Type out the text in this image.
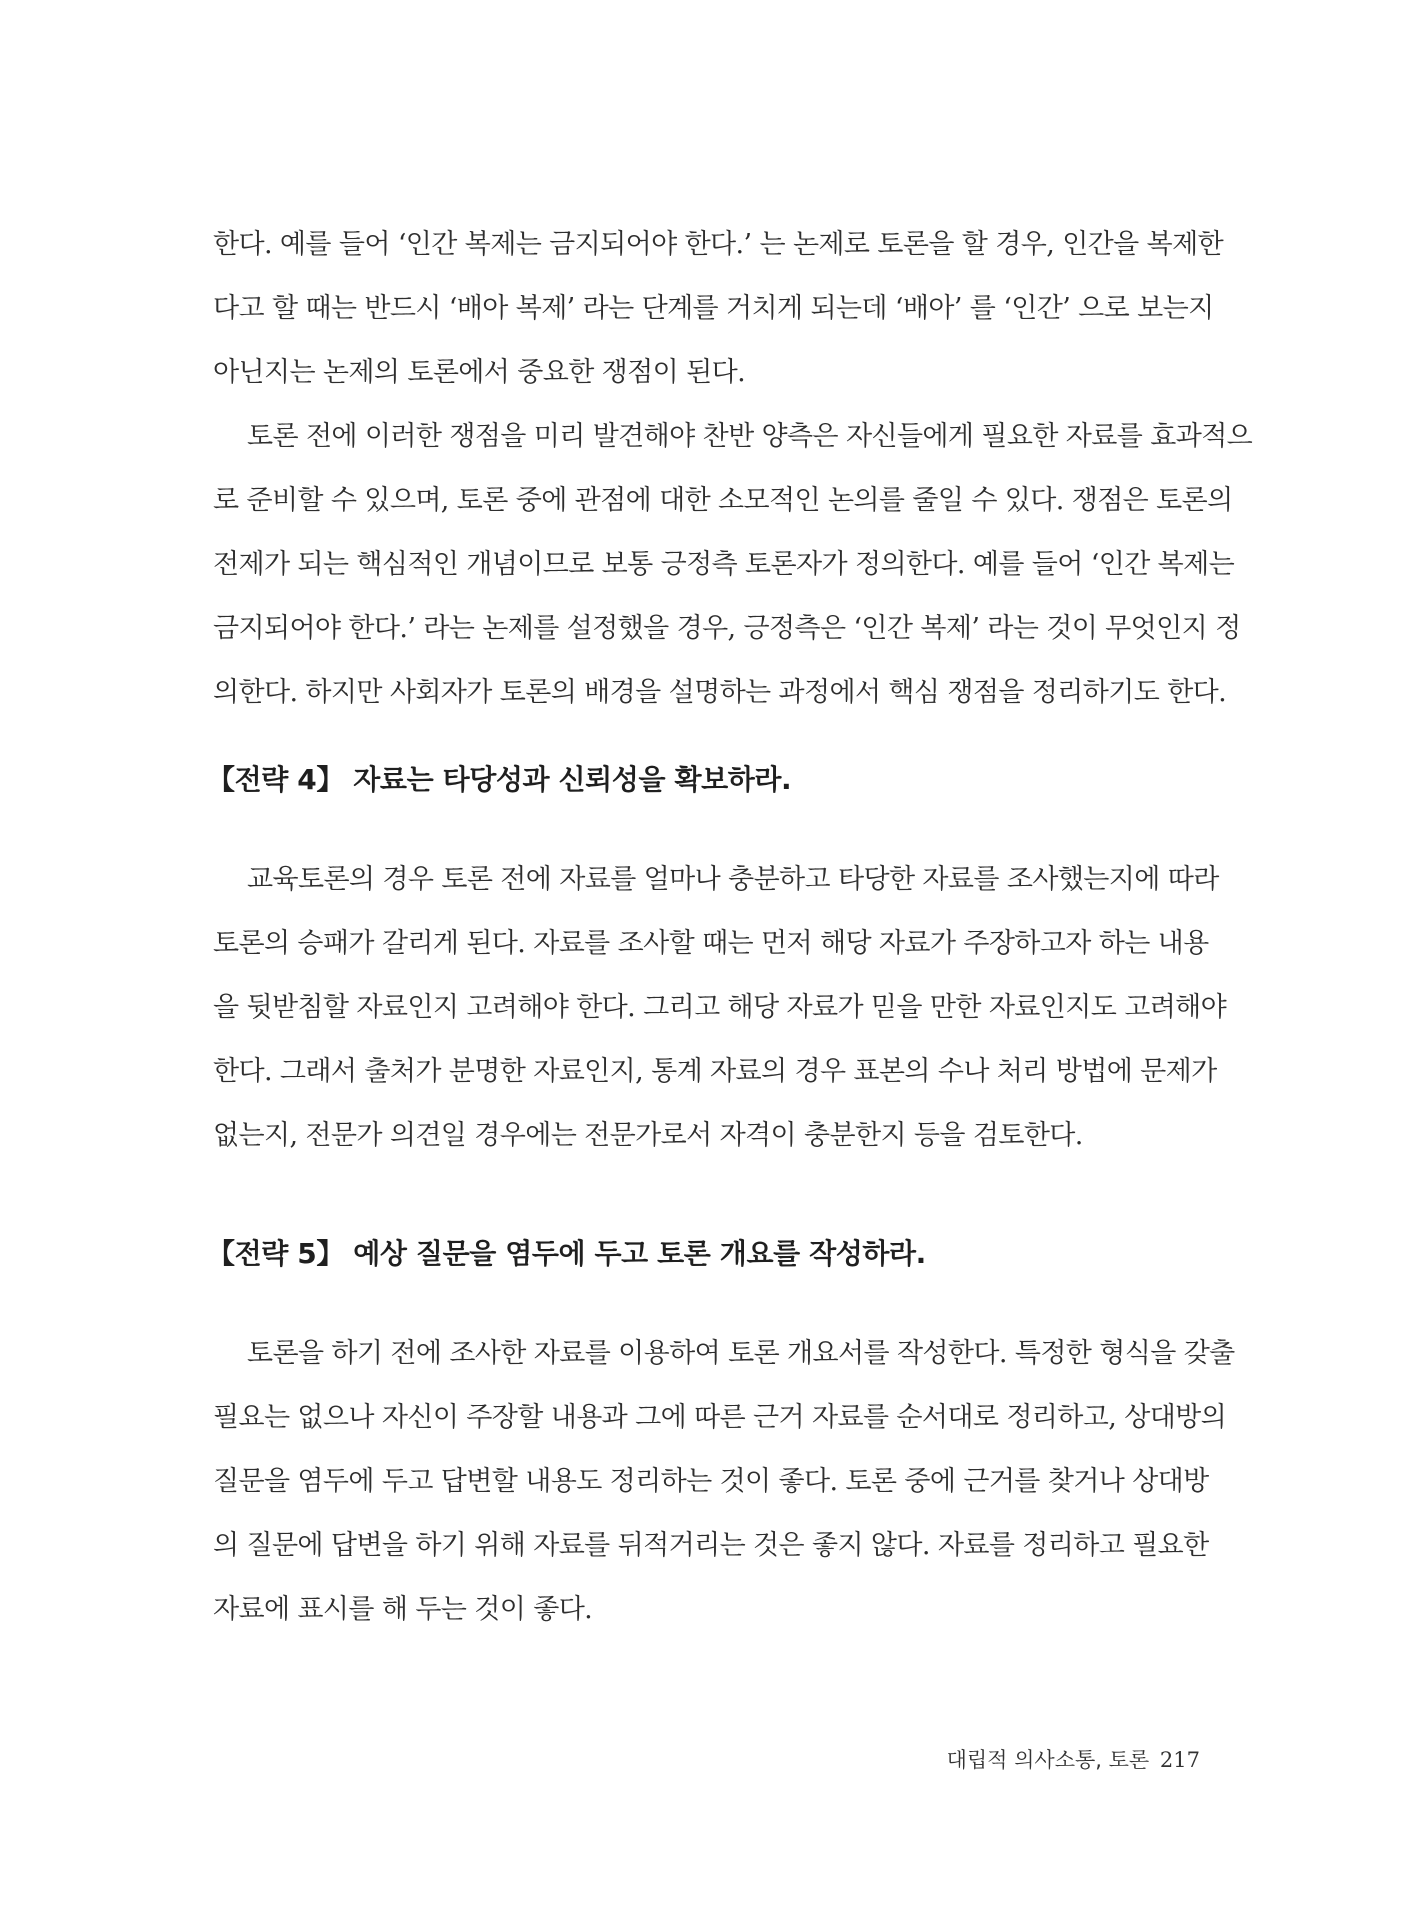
한다. 예를 들어 ‘인간 복제는 금지되어야 한다.’ 는 논제로 토론을 할 경우, 인간을 복제한
다고 할 때는 반드시 ‘배아 복제’ 라는 단계를 거치게 되는데 ‘배아’ 를 ‘인간’ 으로 보는지
아닌지는 논제의 토론에서 중요한 쟁점이 된다.
토론 전에 이러한 쟁점을 미리 발견해야 찬반 양측은 자신들에게 필요한 자료를 효과적으
로 준비할 수 있으며, 토론 중에 관점에 대한 소모적인 논의를 줄일 수 있다. 쟁점은 토론의
전제가 되는 핵심적인 개념이므로 보통 긍정측 토론자가 정의한다. 예를 들어 ‘인간 복제는
금지되어야 한다.’ 라는 논제를 설정했을 경우, 긍정측은 ‘인간 복제’ 라는 것이 무엇인지 정
의한다. 하지만 사회자가 토론의 배경을 설명하는 과정에서 핵심 쟁점을 정리하기도 한다.
【전략 4】 자료는 타당성과 신뢰성을 확보하라.
교육토론의 경우 토론 전에 자료를 얼마나 충분하고 타당한 자료를 조사했는지에 따라
토론의 승패가 갈리게 된다. 자료를 조사할 때는 먼저 해당 자료가 주장하고자 하는 내용
을 뒷받침할 자료인지 고려해야 한다. 그리고 해당 자료가 믿을 만한 자료인지도 고려해야
한다. 그래서 출처가 분명한 자료인지, 통계 자료의 경우 표본의 수나 처리 방법에 문제가
없는지, 전문가 의견일 경우에는 전문가로서 자격이 충분한지 등을 검토한다.
【전략 5】 예상 질문을 염두에 두고 토론 개요를 작성하라.
토론을 하기 전에 조사한 자료를 이용하여 토론 개요서를 작성한다. 특정한 형식을 갖출
필요는 없으나 자신이 주장할 내용과 그에 따른 근거 자료를 순서대로 정리하고, 상대방의
질문을 염두에 두고 답변할 내용도 정리하는 것이 좋다. 토론 중에 근거를 찾거나 상대방
의 질문에 답변을 하기 위해 자료를 뒤적거리는 것은 좋지 않다. 자료를 정리하고 필요한
자료에 표시를 해 두는 것이 좋다.
대립적 의사소통, 토론 217
